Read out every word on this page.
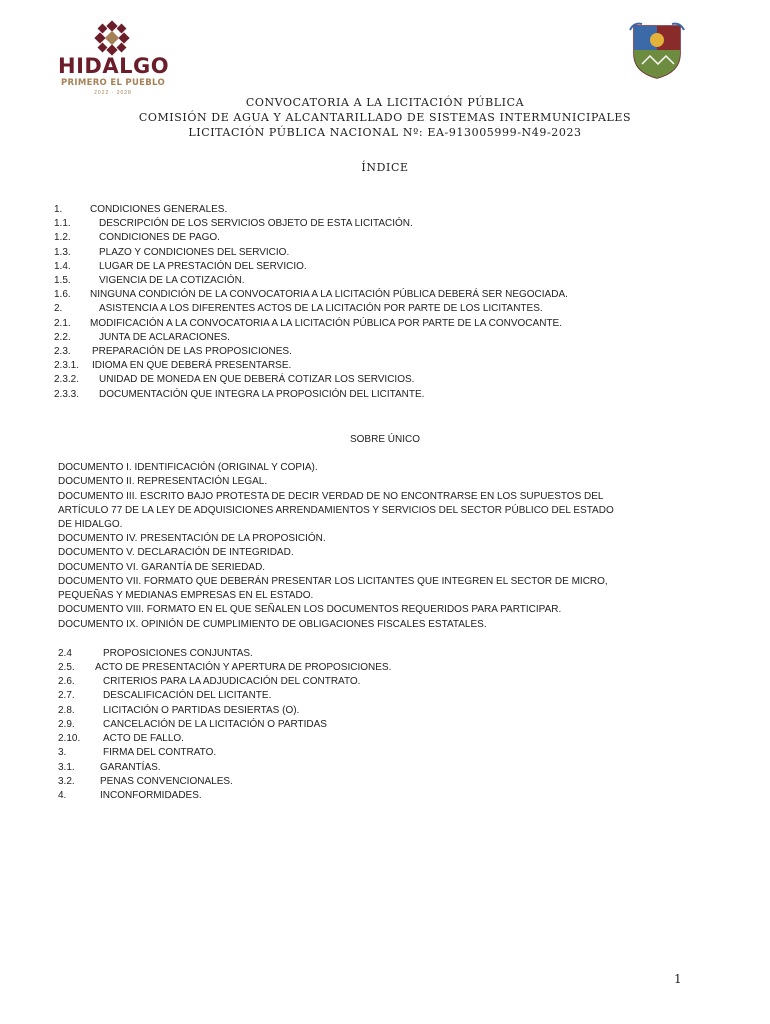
HIDALGO
PRIMERO EL PUEBLO
2022 · 2028
CONVOCATORIA A LA LICITACIÓN PÚBLICA
COMISIÓN DE AGUA Y ALCANTARILLADO DE SISTEMAS INTERMUNICIPALES
LICITACIÓN PÚBLICA NACIONAL Nº: EA-913005999-N49-2023
ÍNDICE
1.	CONDICIONES GENERALES.
1.1.	DESCRIPCIÓN DE LOS SERVICIOS OBJETO DE ESTA LICITACIÓN.
1.2.	CONDICIONES DE PAGO.
1.3.	PLAZO Y CONDICIONES DEL SERVICIO.
1.4.	LUGAR DE LA PRESTACIÓN DEL SERVICIO.
1.5.	VIGENCIA DE LA COTIZACIÓN.
1.6. NINGUNA CONDICIÓN DE LA CONVOCATORIA A LA LICITACIÓN PÚBLICA DEBERÁ SER NEGOCIADA.
2.	ASISTENCIA A LOS DIFERENTES ACTOS DE LA LICITACIÓN POR PARTE DE LOS LICITANTES.
2.1. MODIFICACIÓN A LA CONVOCATORIA A LA LICITACIÓN PÚBLICA POR PARTE DE LA CONVOCANTE.
2.2.	JUNTA DE ACLARACIONES.
2.3. PREPARACIÓN DE LAS PROPOSICIONES.
2.3.1. IDIOMA EN QUE DEBERÁ PRESENTARSE.
2.3.2. UNIDAD DE MONEDA EN QUE DEBERÁ COTIZAR LOS SERVICIOS.
2.3.3. DOCUMENTACIÓN QUE INTEGRA LA PROPOSICIÓN DEL LICITANTE.
SOBRE ÚNICO
DOCUMENTO I. IDENTIFICACIÓN (ORIGINAL Y COPIA).
DOCUMENTO II. REPRESENTACIÓN LEGAL.
DOCUMENTO III. ESCRITO BAJO PROTESTA DE DECIR VERDAD DE NO ENCONTRARSE EN LOS SUPUESTOS DEL
ARTÍCULO 77 DE LA LEY DE ADQUISICIONES ARRENDAMIENTOS Y SERVICIOS DEL SECTOR PÚBLICO DEL ESTADO
DE HIDALGO.
DOCUMENTO IV. PRESENTACIÓN DE LA PROPOSICIÓN.
DOCUMENTO V. DECLARACIÓN DE INTEGRIDAD.
DOCUMENTO VI. GARANTÍA DE SERIEDAD.
DOCUMENTO VII. FORMATO QUE DEBERÁN PRESENTAR LOS LICITANTES QUE INTEGREN EL SECTOR DE MICRO,
PEQUEÑAS Y MEDIANAS EMPRESAS EN EL ESTADO.
DOCUMENTO VIII. FORMATO EN EL QUE SEÑALEN LOS DOCUMENTOS REQUERIDOS PARA PARTICIPAR.
DOCUMENTO IX. OPINIÓN DE CUMPLIMIENTO DE OBLIGACIONES FISCALES ESTATALES.
2.4	PROPOSICIONES CONJUNTAS.
2.5. ACTO DE PRESENTACIÓN Y APERTURA DE PROPOSICIONES.
2.6.	CRITERIOS PARA LA ADJUDICACIÓN DEL CONTRATO.
2.7.	DESCALIFICACIÓN DEL LICITANTE.
2.8.	LICITACIÓN O PARTIDAS DESIERTAS (O).
2.9.	CANCELACIÓN DE LA LICITACIÓN O PARTIDAS
2.10. ACTO DE FALLO.
3.	FIRMA DEL CONTRATO.
3.1.	GARANTÍAS.
3.2.	PENAS CONVENCIONALES.
4.	INCONFORMIDADES.
1
